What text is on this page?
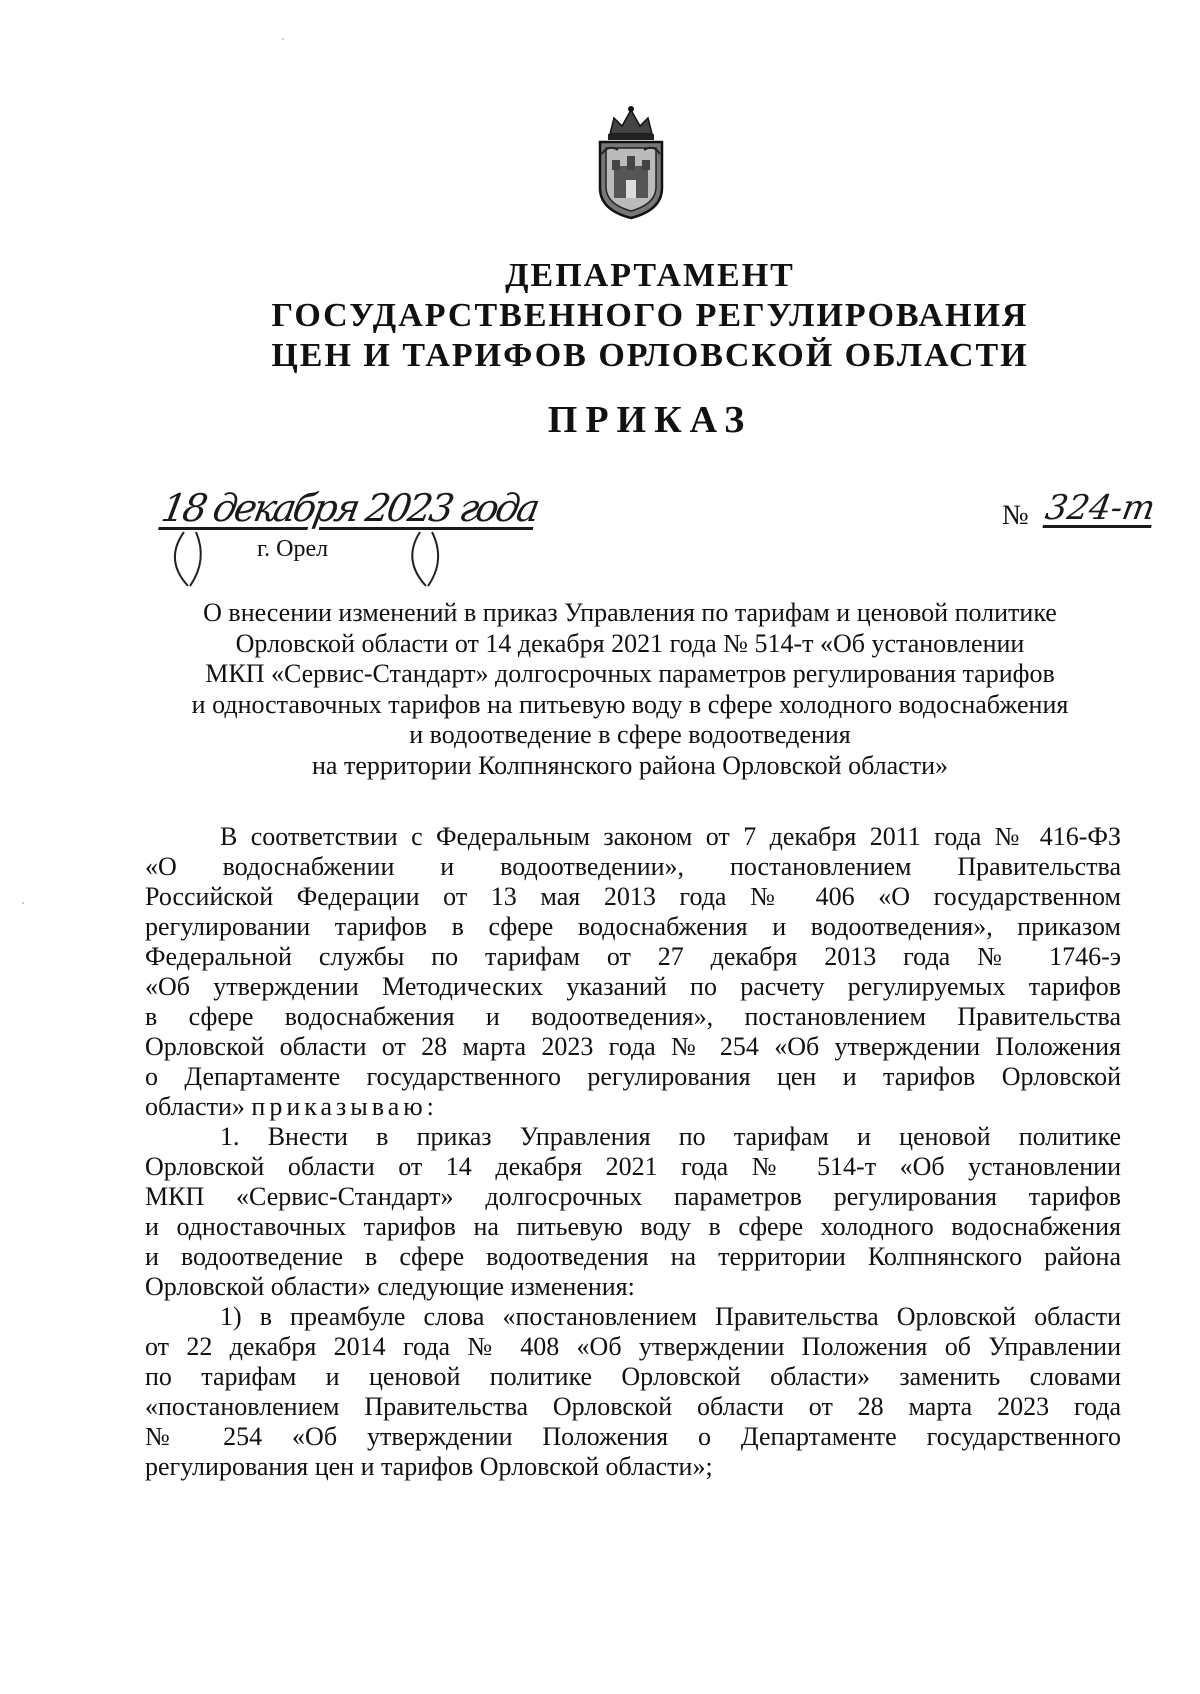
ДЕПАРТАМЕНТ
ГОСУДАРСТВЕННОГО РЕГУЛИРОВАНИЯ
ЦЕН И ТАРИФОВ ОРЛОВСКОЙ ОБЛАСТИ
ПРИКАЗ
18 декабря 2023 года
г. Орел
№ 324-т
О внесении изменений в приказ Управления по тарифам и ценовой политике
Орловской области от 14 декабря 2021 года № 514-т «Об установлении
МКП «Сервис-Стандарт» долгосрочных параметров регулирования тарифов
и одноставочных тарифов на питьевую воду в сфере холодного водоснабжения
и водоотведение в сфере водоотведения
на территории Колпнянского района Орловской области»
В соответствии с Федеральным законом от 7 декабря 2011 года № 416-ФЗ
«О водоснабжении и водоотведении», постановлением Правительства
Российской Федерации от 13 мая 2013 года № 406 «О государственном
регулировании тарифов в сфере водоснабжения и водоотведения», приказом
Федеральной службы по тарифам от 27 декабря 2013 года № 1746-э
«Об утверждении Методических указаний по расчету регулируемых тарифов
в сфере водоснабжения и водоотведения», постановлением Правительства
Орловской области от 28 марта 2023 года № 254 «Об утверждении Положения
о Департаменте государственного регулирования цен и тарифов Орловской
области» приказываю:
1. Внести в приказ Управления по тарифам и ценовой политике
Орловской области от 14 декабря 2021 года № 514-т «Об установлении
МКП «Сервис-Стандарт» долгосрочных параметров регулирования тарифов
и одноставочных тарифов на питьевую воду в сфере холодного водоснабжения
и водоотведение в сфере водоотведения на территории Колпнянского района
Орловской области» следующие изменения:
1) в преамбуле слова «постановлением Правительства Орловской области
от 22 декабря 2014 года № 408 «Об утверждении Положения об Управлении
по тарифам и ценовой политике Орловской области» заменить словами
«постановлением Правительства Орловской области от 28 марта 2023 года
№ 254 «Об утверждении Положения о Департаменте государственного
регулирования цен и тарифов Орловской области»;
